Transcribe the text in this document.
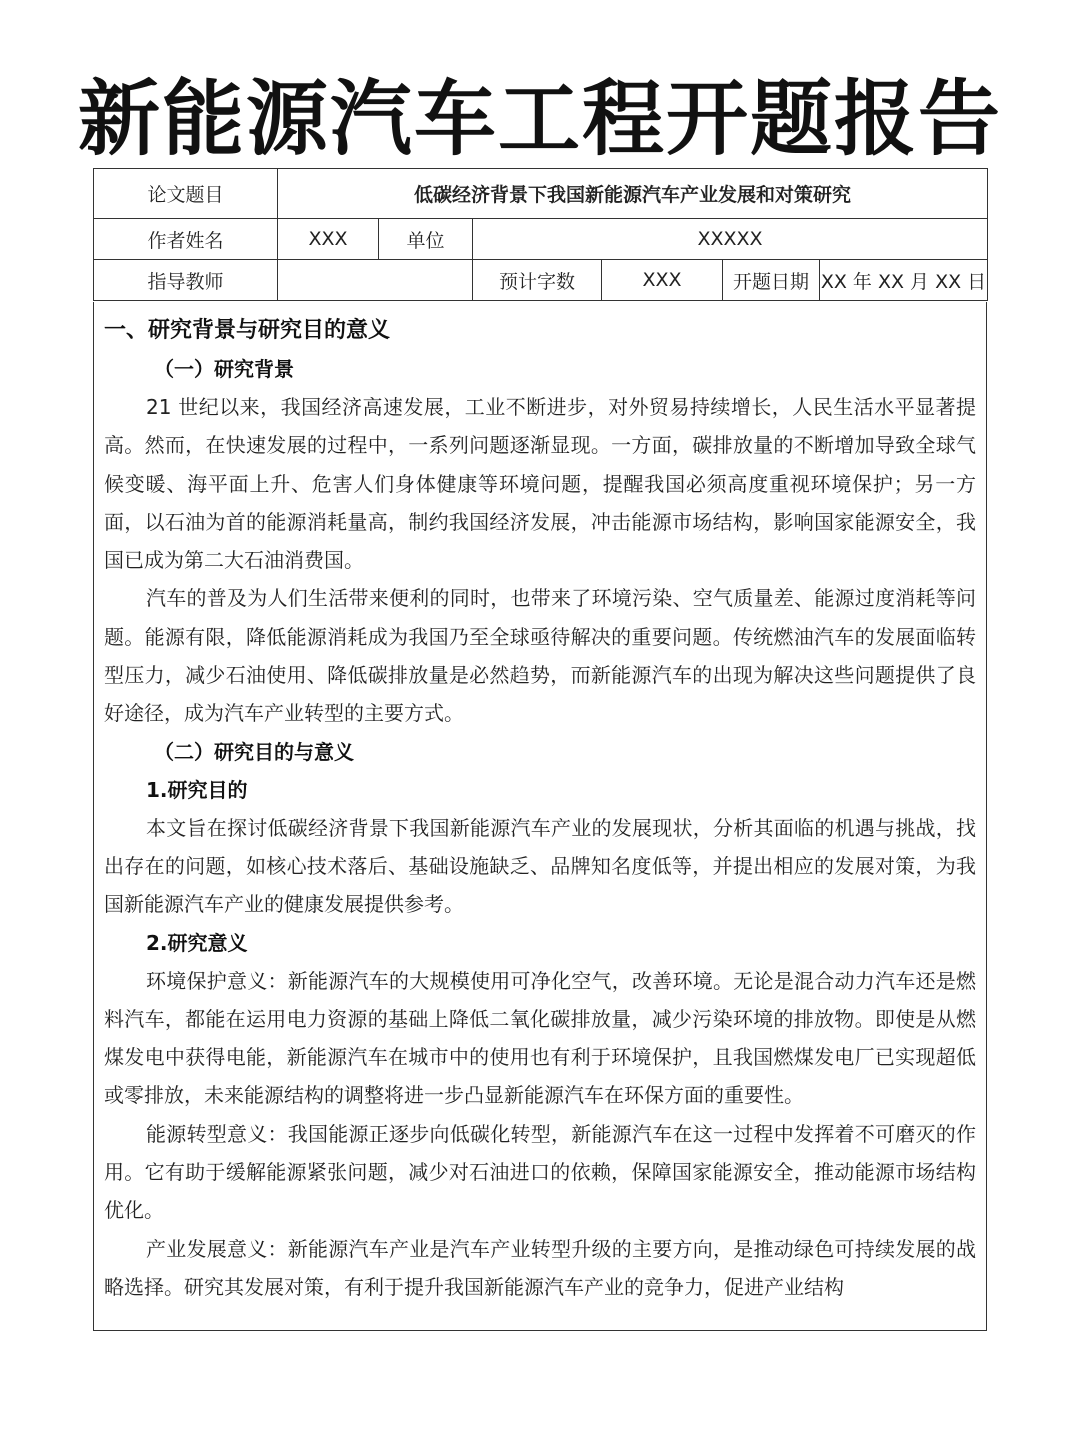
新能源汽车工程开题报告
论文题目	低碳经济背景下我国新能源汽车产业发展和对策研究					
作者姓名	XXX	单位	XXXXX			
指导教师			预计字数	XXX	开题日期	XX 年 XX 月 XX 日

一、研究背景与研究目的意义

（一）研究背景

21 世纪以来，我国经济高速发展，工业不断进步，对外贸易持续增长，人民生活水平显著提高。然而，在快速发展的过程中，一系列问题逐渐显现。一方面，碳排放量的不断增加导致全球气候变暖、海平面上升、危害人们身体健康等环境问题，提醒我国必须高度重视环境保护；另一方面，以石油为首的能源消耗量高，制约我国经济发展，冲击能源市场结构，影响国家能源安全，我国已成为第二大石油消费国。

汽车的普及为人们生活带来便利的同时，也带来了环境污染、空气质量差、能源过度消耗等问题。能源有限，降低能源消耗成为我国乃至全球亟待解决的重要问题。传统燃油汽车的发展面临转型压力，减少石油使用、降低碳排放量是必然趋势，而新能源汽车的出现为解决这些问题提供了良好途径，成为汽车产业转型的主要方式。

（二）研究目的与意义

1.研究目的

本文旨在探讨低碳经济背景下我国新能源汽车产业的发展现状，分析其面临的机遇与挑战，找出存在的问题，如核心技术落后、基础设施缺乏、品牌知名度低等，并提出相应的发展对策，为我国新能源汽车产业的健康发展提供参考。

2.研究意义

环境保护意义：新能源汽车的大规模使用可净化空气，改善环境。无论是混合动力汽车还是燃料汽车，都能在运用电力资源的基础上降低二氧化碳排放量，减少污染环境的排放物。即使是从燃煤发电中获得电能，新能源汽车在城市中的使用也有利于环境保护，且我国燃煤发电厂已实现超低或零排放，未来能源结构的调整将进一步凸显新能源汽车在环保方面的重要性。

能源转型意义：我国能源正逐步向低碳化转型，新能源汽车在这一过程中发挥着不可磨灭的作用。它有助于缓解能源紧张问题，减少对石油进口的依赖，保障国家能源安全，推动能源市场结构优化。

产业发展意义：新能源汽车产业是汽车产业转型升级的主要方向，是推动绿色可持续发展的战略选择。研究其发展对策，有利于提升我国新能源汽车产业的竞争力，促进产业结构
